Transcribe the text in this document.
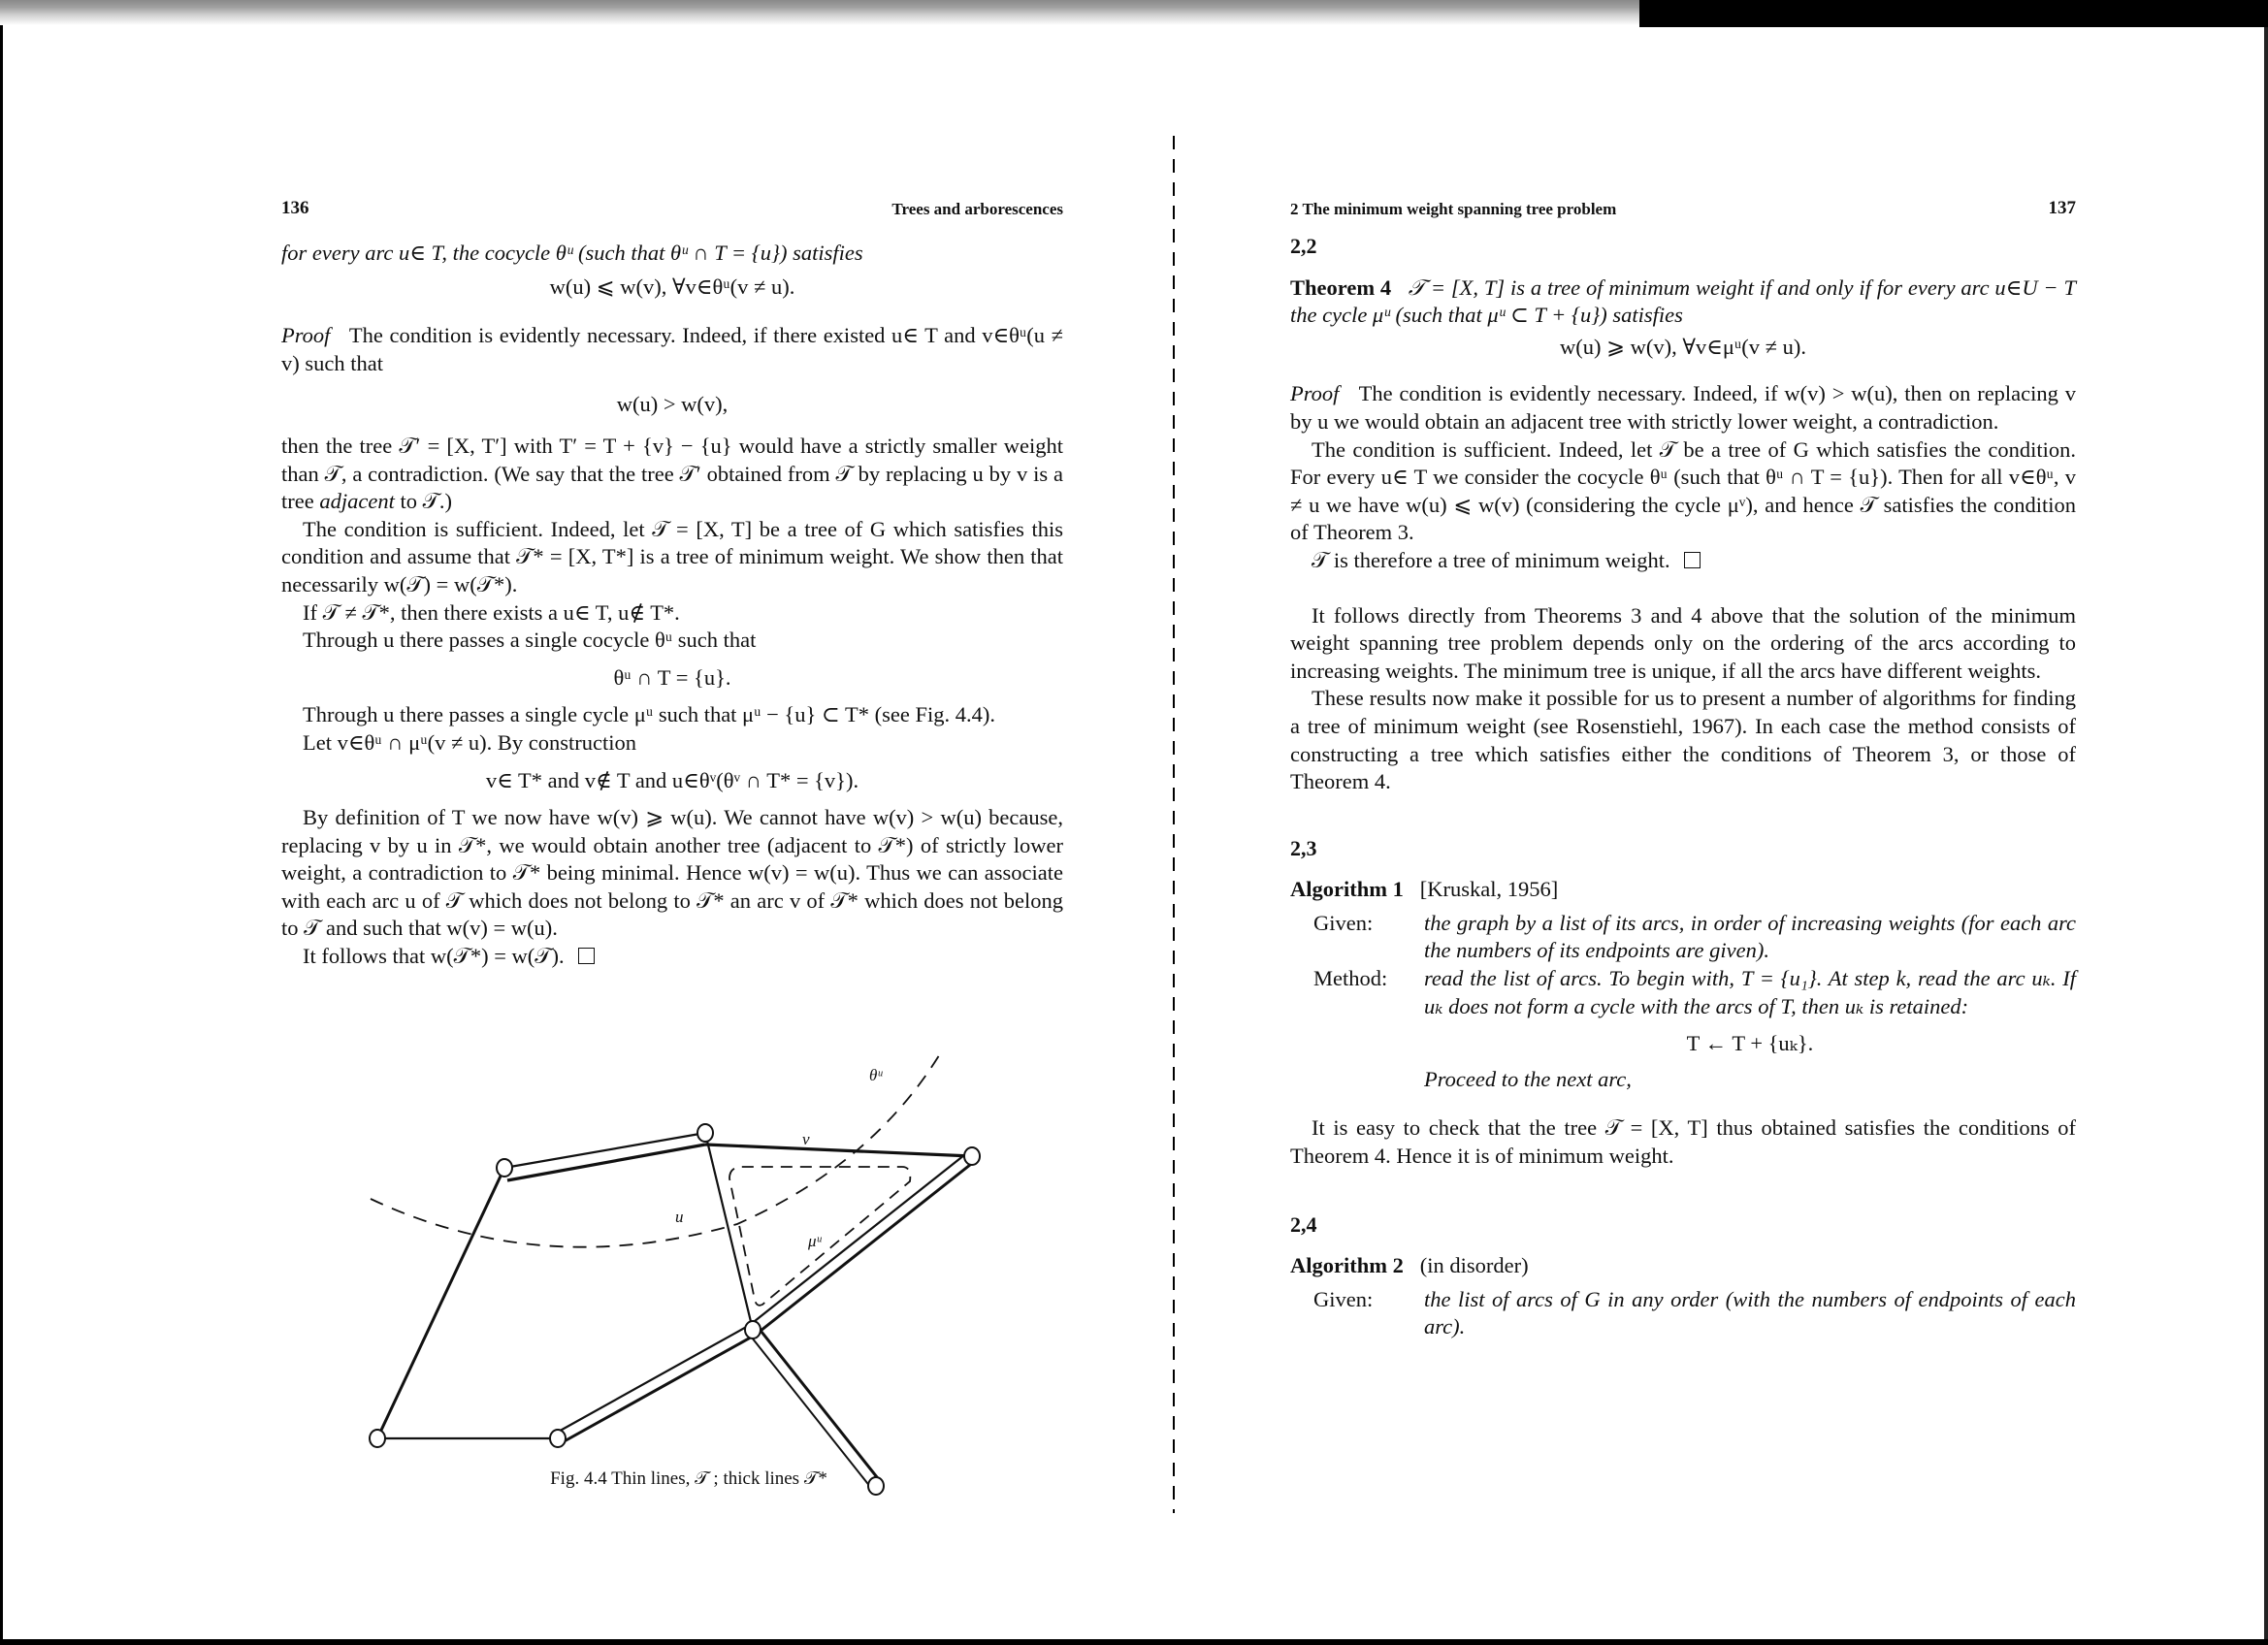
136	Trees and arborescences

for every arc u∈ T, the cocycle θᵘ (such that θᵘ ∩ T = {u}) satisfies

w(u) ⩽ w(v), ∀v∈θᵘ(v ≠ u).

Proof The condition is evidently necessary. Indeed, if there existed u∈ T and v∈θᵘ(u ≠ v) such that

w(u) > w(v),

then the tree 𝒯′ = [X, T′] with T′ = T + {v} − {u} would have a strictly smaller weight than 𝒯, a contradiction. (We say that the tree 𝒯′ obtained from 𝒯 by replacing u by v is a tree adjacent to 𝒯.)

The condition is sufficient. Indeed, let 𝒯 = [X, T] be a tree of G which satisfies this condition and assume that 𝒯* = [X, T*] is a tree of minimum weight. We show then that necessarily w(𝒯) = w(𝒯*).

If 𝒯 ≠ 𝒯*, then there exists a u∈ T, u∉ T*.

Through u there passes a single cocycle θᵘ such that

θᵘ ∩ T = {u}.

Through u there passes a single cycle μᵘ such that μᵘ − {u} ⊂ T* (see Fig. 4.4).

Let v∈θᵘ ∩ μᵘ(v ≠ u). By construction

v∈ T* and v∉ T and u∈θᵛ(θᵛ ∩ T* = {v}).

By definition of T we now have w(v) ⩾ w(u). We cannot have w(v) > w(u) because, replacing v by u in 𝒯*, we would obtain another tree (adjacent to 𝒯*) of strictly lower weight, a contradiction to 𝒯* being minimal. Hence w(v) = w(u). Thus we can associate with each arc u of 𝒯 which does not belong to 𝒯* an arc v of 𝒯* which does not belong to 𝒯 and such that w(v) = w(u).

It follows that w(𝒯*) = w(𝒯).

θᵘ
v
u
μᵘ
Fig. 4.4 Thin lines, 𝒯 ; thick lines 𝒯*
2 The minimum weight spanning tree problem	137

2,2

Theorem 4 𝒯 = [X, T] is a tree of minimum weight if and only if for every arc u∈U − T the cycle μᵘ (such that μᵘ ⊂ T + {u}) satisfies

w(u) ⩾ w(v), ∀v∈μᵘ(v ≠ u).

Proof The condition is evidently necessary. Indeed, if w(v) > w(u), then on replacing v by u we would obtain an adjacent tree with strictly lower weight, a contradiction.

The condition is sufficient. Indeed, let 𝒯 be a tree of G which satisfies the condition. For every u∈ T we consider the cocycle θᵘ (such that θᵘ ∩ T = {u}). Then for all v∈θᵘ, v ≠ u we have w(u) ⩽ w(v) (considering the cycle μᵛ), and hence 𝒯 satisfies the condition of Theorem 3.

𝒯 is therefore a tree of minimum weight.

It follows directly from Theorems 3 and 4 above that the solution of the minimum weight spanning tree problem depends only on the ordering of the arcs according to increasing weights. The minimum tree is unique, if all the arcs have different weights.

These results now make it possible for us to present a number of algorithms for finding a tree of minimum weight (see Rosenstiehl, 1967). In each case the method consists of constructing a tree which satisfies either the conditions of Theorem 3, or those of Theorem 4.

2,3

Algorithm 1 [Kruskal, 1956]

Given:	the graph by a list of its arcs, in order of increasing weights (for each arc the numbers of its endpoints are given).
Method:	read the list of arcs. To begin with, T = {u₁}. At step k, read the arc uₖ. If uₖ does not form a cycle with the arcs of T, then uₖ is retained:

T ← T + {uₖ}.

Proceed to the next arc,

It is easy to check that the tree 𝒯 = [X, T] thus obtained satisfies the conditions of Theorem 4. Hence it is of minimum weight.

2,4

Algorithm 2 (in disorder)

Given:	the list of arcs of G in any order (with the numbers of endpoints of each arc).
